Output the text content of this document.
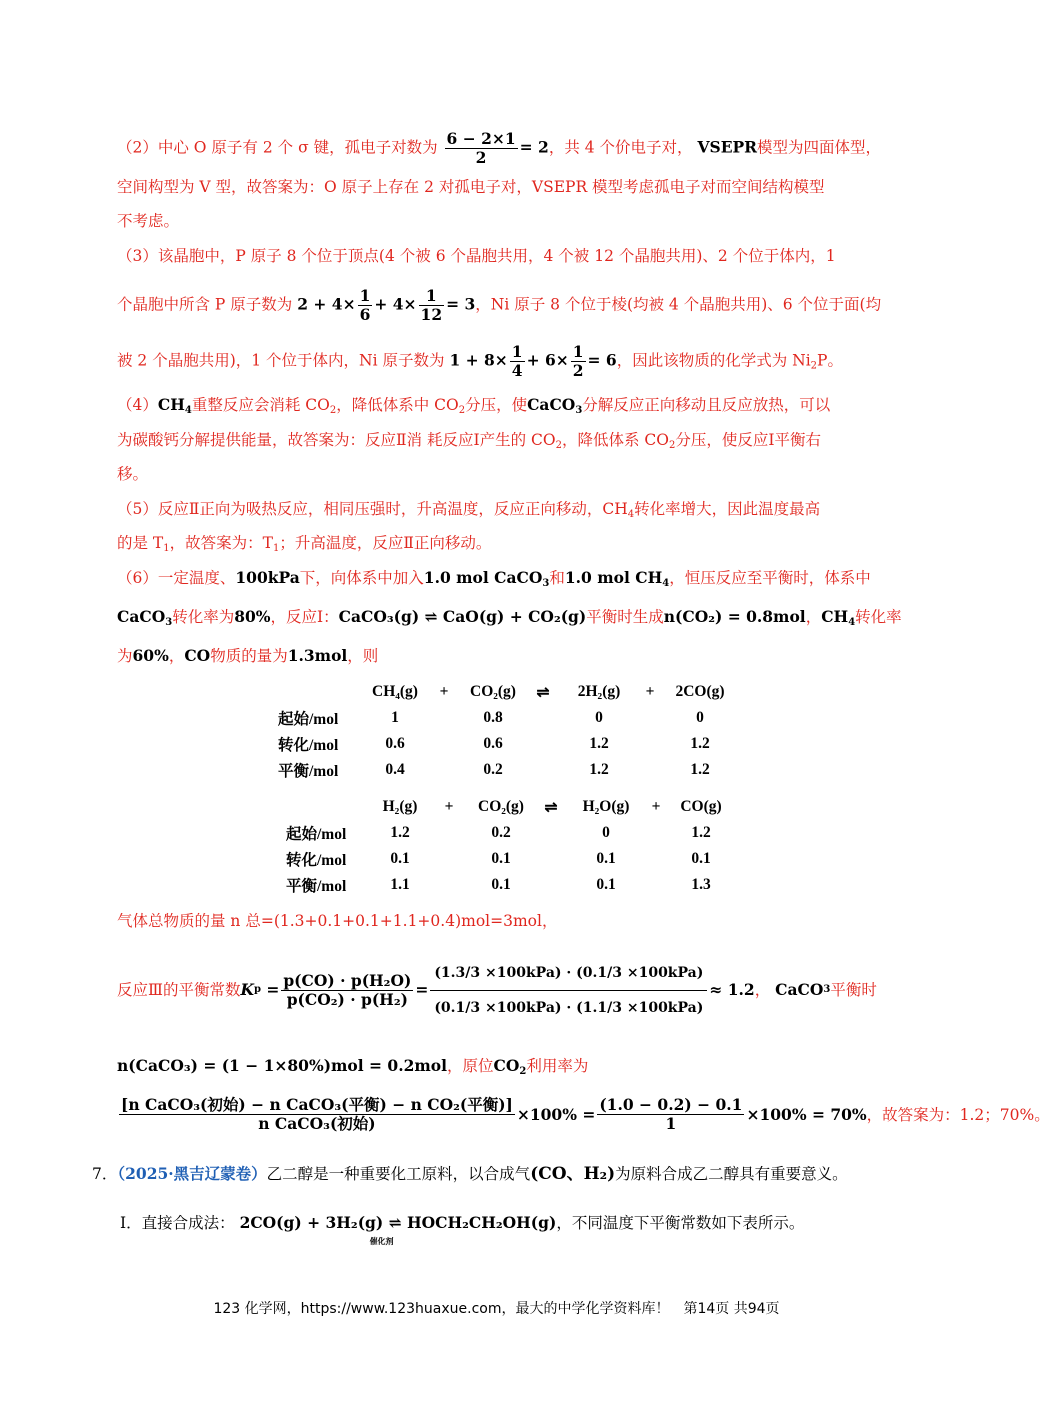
（2）中心 O 原子有 2 个 σ 键，孤电子对数为 $\frac{6 - 2\times 1}{2} = 2$，共 4 个价电子对， VSEPR模型为四面体型，
空间构型为 V 型，故答案为：O 原子上存在 2 对孤电子对，VSEPR 模型考虑孤电子对而空间结构模型
不考虑。
（3）该晶胞中，P 原子 8 个位于顶点(4 个被 6 个晶胞共用，4 个被 12 个晶胞共用)、2 个位于体内，1
个晶胞中所含 P 原子数为 $2 + 4\times \frac{1}{6} + 4\times \frac{1}{12} = 3$，Ni 原子 8 个位于棱(均被 4 个晶胞共用)、6 个位于面(均
被 2 个晶胞共用)，1 个位于体内，Ni 原子数为 $1 + 8\times \frac{1}{4} + 6\times \frac{1}{2} = 6$，因此该物质的化学式为 $Ni_2P$。
$(4)CH_4$重整反应会消耗 $CO_2$，降低体系中 $CO_2$分压，使CaCO$_3$分解反应正向移动且反应放热，可以
为碳酸钙分解提供能量，故答案为：反应Ⅱ消 耗反应Ⅰ产生的 $CO_2$，降低体系 $CO_2$分压，使反应Ⅰ平衡右
移。
（5）反应Ⅱ正向为吸热反应，相同压强时，升高温度，反应正向移动，$CH_4$转化率增大，因此温度最高
的是 $T_1$，故答案为：$T_1$；升高温度，反应Ⅱ正向移动。
（6）一定温度、100kPa下，向体系中加入1.0 mol CaCO$_3$和1.0 mol $CH_4$，恒压反应至平衡时，体系中
CaCO$_3$转化率为80%，反应Ⅰ：CaCO₃(g) ⇌ CaO(g) + CO₂(g)平衡时生成n(CO₂) = 0.8mol，$CH_4$转化率
为60%，CO物质的量为1.3mol，则
	CH₄(g)	+	CO₂(g)	⇌	2H₂(g)	+	2CO(g)
起始/mol	1		0.8		0		0
转化/mol	0.6		0.6		1.2		1.2
平衡/mol	0.4		0.2		1.2		1.2
	H₂(g)	+	CO₂(g)	⇌	H₂O(g)	+	CO(g)
起始/mol	1.2		0.2		0		1.2
转化/mol	0.1		0.1		0.1		0.1
平衡/mol	1.1		0.1		0.1		1.3
气体总物质的量 n 总=(1.3+0.1+0.1+1.1+0.4)mol=3mol，
反应Ⅲ的平衡常数 K $p = \frac{\text{p(CO) · p(H₂O)}}{\text{p(CO₂) · p(H₂)}} = \frac{\text{(1.3/3 ×100kPa) · (0.1/3 ×100kPa)}}{\text{(0.1/3 ×100kPa) · (1.1/3 ×100kPa)}} \approx 1.2$ ，
CaCO 3 平衡时
n(CaCO₃) = (1 − 1×80%)mol = 0.2mol，原位$CO_2$利用率为
$\frac{\text{[n CaCO₃(初始) − n CaCO₃(平衡) − n CO₂(平衡)]}}{\text{n CaCO₃(初始)}} \times 100\% = \frac{(1.0 - 0.2) - 0.1}{1} \times 100\% = 70\%$ ，故答案为：1.2；70%。
7．（2025·黑吉辽蒙卷）乙二醇是一种重要化工原料，以合成气(CO、H₂)为原料合成乙二醇具有重要意义。
I．直接合成法： 2CO(g) + 3H₂(g) ⇌ HOCH₂CH₂OH(g)
催化剂
，不同温度下平衡常数如下表所示。
123 化学网，https://www.123huaxue.com，最大的中学化学资料库！　第14页 共94页
